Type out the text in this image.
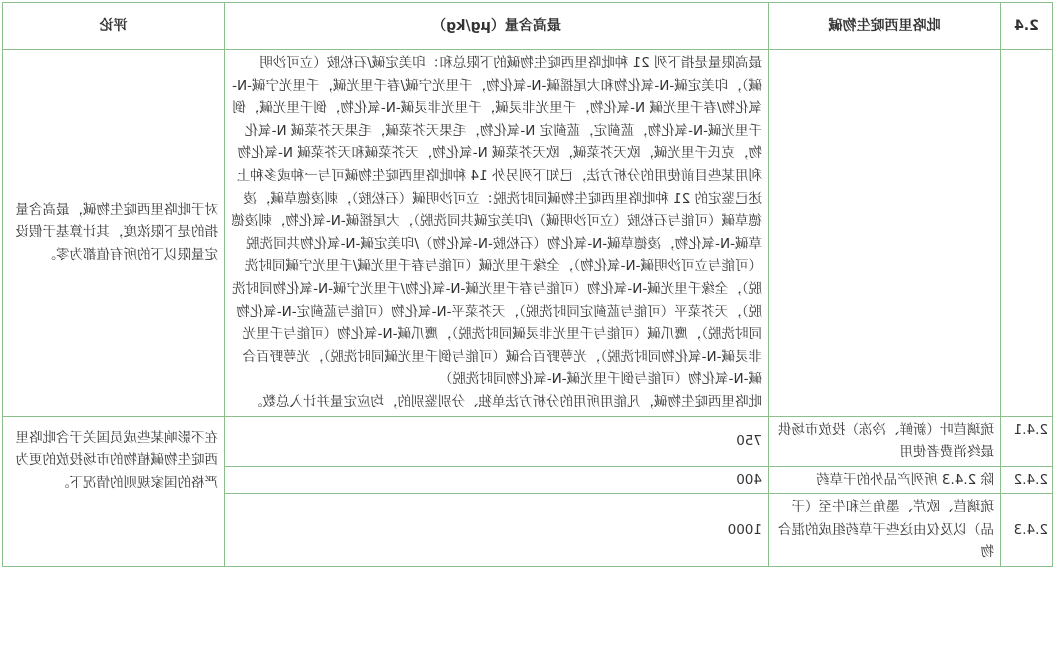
2.4	吡咯里西啶生物碱	最高含量（μg/kg）	评论

		最高限量是指下列 21 种吡咯里西啶生物碱的下限总和：印美定碱/石松胺（立可沙明碱），印美定碱-N-氧化物和大尾摇碱-N-氧化物，千里光宁碱/春千里光碱，千里光宁碱-N-氧化物/春千里光碱 N-氧化物，千里光非灵碱，千里光非灵碱-N-氧化物，倒千里光碱，倒千里光碱-N-氧化物，蓝蓟定，蓝蓟定 N-氧化物，毛果天芥菜碱，毛果天芥菜碱 N-氧化物，克氏千里光碱，欧天芥菜碱，欧天芥菜碱 N-氧化物，天芥菜碱和天芥菜碱 N-氧化物

利用某些目前使用的分析方法，已知下列另外 14 种吡咯里西啶生物碱可与一种或多种上述已鉴定的 21 种吡咯里西啶生物碱同时洗脱：立可沙明碱（石松胺），刺凌德草碱，凌德草碱（可能与石松胺（立可沙明碱）/印美定碱共同洗脱），大尾摇碱-N-氧化物，刺凌德草碱-N-氧化物，凌德草碱-N-氧化物（石松胺-N-氧化物）/印美定碱-N-氧化物共同洗脱（可能与立可沙明碱-N-氧化物），全缘千里光碱（可能与春千里光碱/千里光宁碱同时洗脱），全缘千里光碱-N-氧化物（可能与春千里光碱-N-氧化物/千里光宁碱-N-氧化物同时洗脱），天芥菜平（可能与蓝蓟定同时洗脱），天芥菜平-N-氧化物（可能与蓝蓟定-N-氧化物同时洗脱），鹰爪碱（可能与千里光非灵碱同时洗脱），鹰爪碱-N-氧化物（可能与千里光非灵碱-N-氧化物同时洗脱），光萼野百合碱（可能与倒千里光碱同时洗脱），光萼野百合碱-N-氧化物（可能与倒千里光碱-N-氧化物同时洗脱）

吡咯里西啶生物碱，凡能用所用的分析方法单独、分别鉴别的，均应定量并计入总数。	对于吡咯里西啶生物碱，最高含量指的是下限浓度，其计算基于假设定量限以下的所有值都为零。
2.4.1	琉璃苣叶（新鲜、冷冻）投放市场供最终消费者使用	750	在不影响某些成员国关于含吡咯里西啶生物碱植物的市场投放的更为严格的国家规则的情况下。
2.4.2	除 2.4.3 所列产品外的干草药	400	
2.4.3	琉璃苣、欧芹、墨角兰和牛至（干品）以及仅由这些干草药组成的混合物	1000	
